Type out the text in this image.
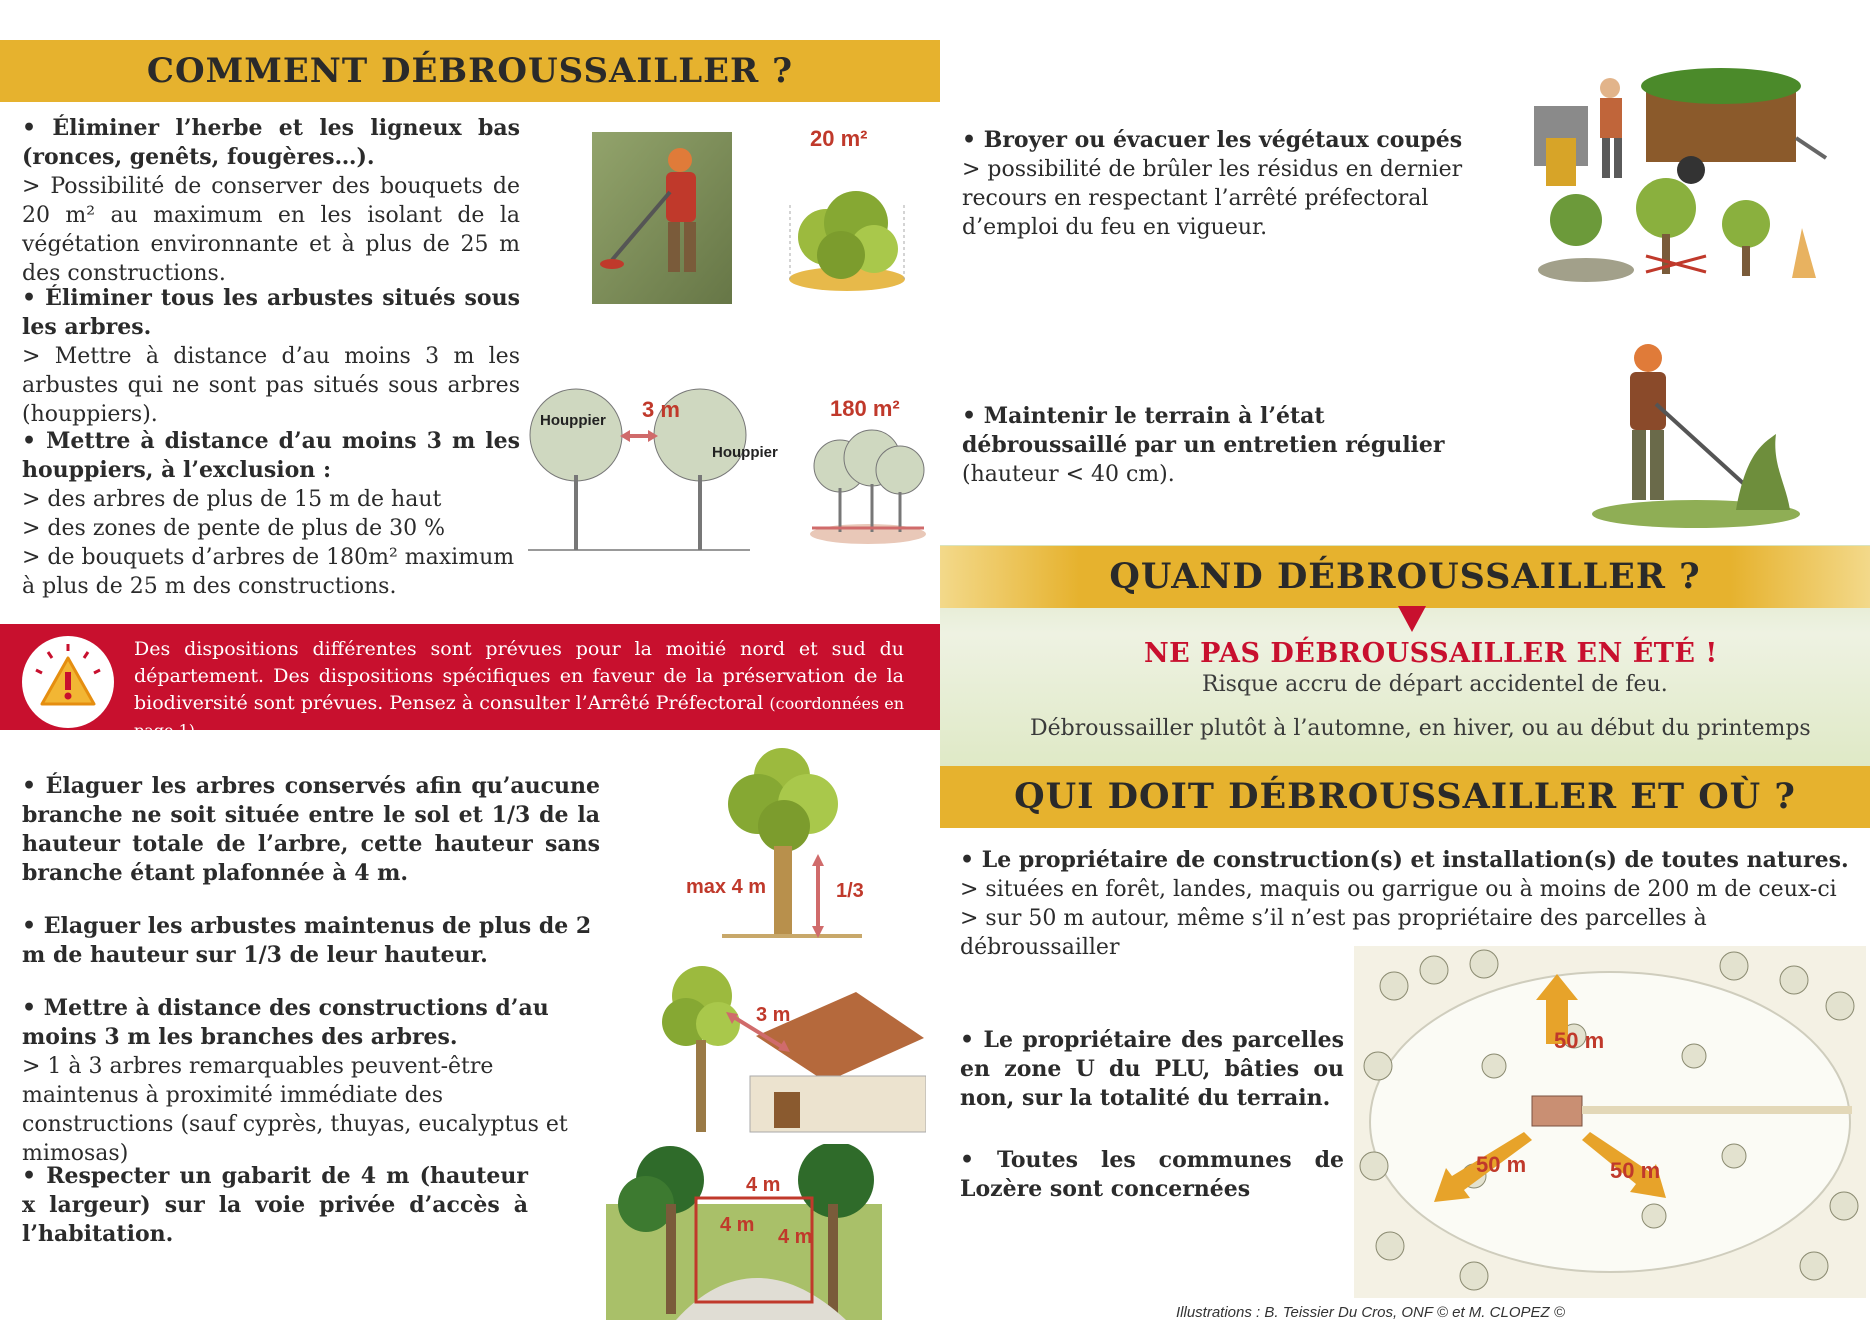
COMMENT DÉBROUSSAILLER ?
• Éliminer l’herbe et les ligneux bas (ronces, genêts, fougères…).
> Possibilité de conserver des bouquets de 20 m² au maximum en les isolant de la végétation environnante et à plus de 25 m des constructions.
• Éliminer tous les arbustes situés sous les arbres.
> Mettre à distance d’au moins 3 m les arbustes qui ne sont pas situés sous arbres (houppiers).
• Mettre à distance d’au moins 3 m les houppiers, à l’exclusion :
> des arbres de plus de 15 m de haut
> des zones de pente de plus de 30 %
> de bouquets d’arbres de 180m² maximum à plus de 25 m des constructions.
20 m²
3 m
Houppier
Houppier
180 m²
Des dispositions différentes sont prévues pour la moitié nord et sud du département. Des dispositions spécifiques en faveur de la préservation de la biodiversité sont prévues. Pensez à consulter l’Arrêté Préfectoral (coordonnées en page 1).
• Élaguer les arbres conservés afin qu’aucune branche ne soit située entre le sol et 1/3 de la hauteur totale de l’arbre, cette hauteur sans branche étant plafonnée à 4 m.
• Elaguer les arbustes maintenus de plus de 2 m de hauteur sur 1/3 de leur hauteur.
• Mettre à distance des constructions d’au moins 3 m les branches des arbres.
> 1 à 3 arbres remarquables peuvent-être maintenus à proximité immédiate des constructions (sauf cyprès, thuyas, eucalyptus et mimosas)
• Respecter un gabarit de 4 m (hauteur x largeur) sur la voie privée d’accès à l’habitation.
max 4 m	1/3
3 m
4 m
4 m
4 m
• Broyer ou évacuer les végétaux coupés
> possibilité de brûler les résidus en dernier recours en respectant l’arrêté préfectoral d’emploi du feu en vigueur.
• Maintenir le terrain à l’état débroussaillé par un entretien régulier (hauteur < 40 cm).
QUAND DÉBROUSSAILLER ?
NE PAS DÉBROUSSAILLER EN ÉTÉ !
Risque accru de départ accidentel de feu.
Débroussailler plutôt à l’automne, en hiver, ou au début du printemps
QUI DOIT DÉBROUSSAILLER ET OÙ ?
• Le propriétaire de construction(s) et installation(s) de toutes natures.
> situées en forêt, landes, maquis ou garrigue ou à moins de 200 m de ceux-ci
> sur 50 m autour, même s’il n’est pas propriétaire des parcelles à débroussailler
• Le propriétaire des parcelles en zone U du PLU, bâties ou non, sur la totalité du terrain.
• Toutes les communes de Lozère sont concernées
50 m
50 m	50 m
Illustrations : B. Teissier Du Cros, ONF © et M. CLOPEZ ©
